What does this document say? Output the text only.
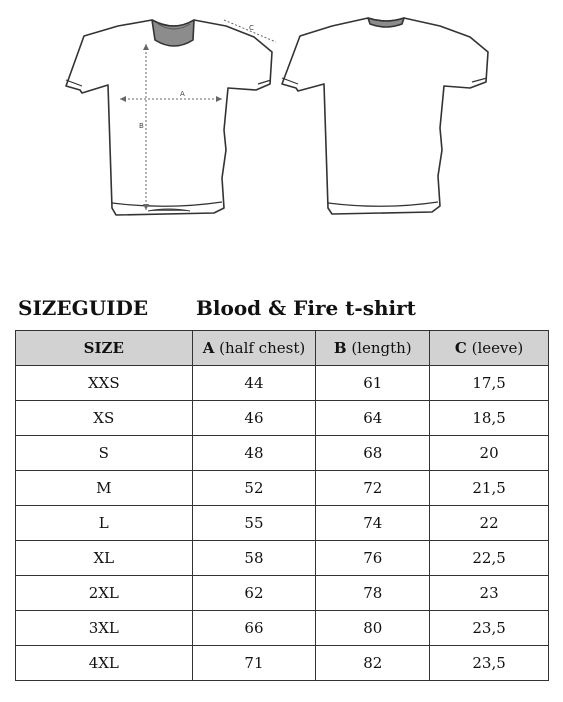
A
B
C
SIZEGUIDE Blood & Fire t-shirt
SIZE	A (half chest)	B (length)	C (leeve)
XXS	44	61	17,5
XS	46	64	18,5
S	48	68	20
M	52	72	21,5
L	55	74	22
XL	58	76	22,5
2XL	62	78	23
3XL	66	80	23,5
4XL	71	82	23,5
